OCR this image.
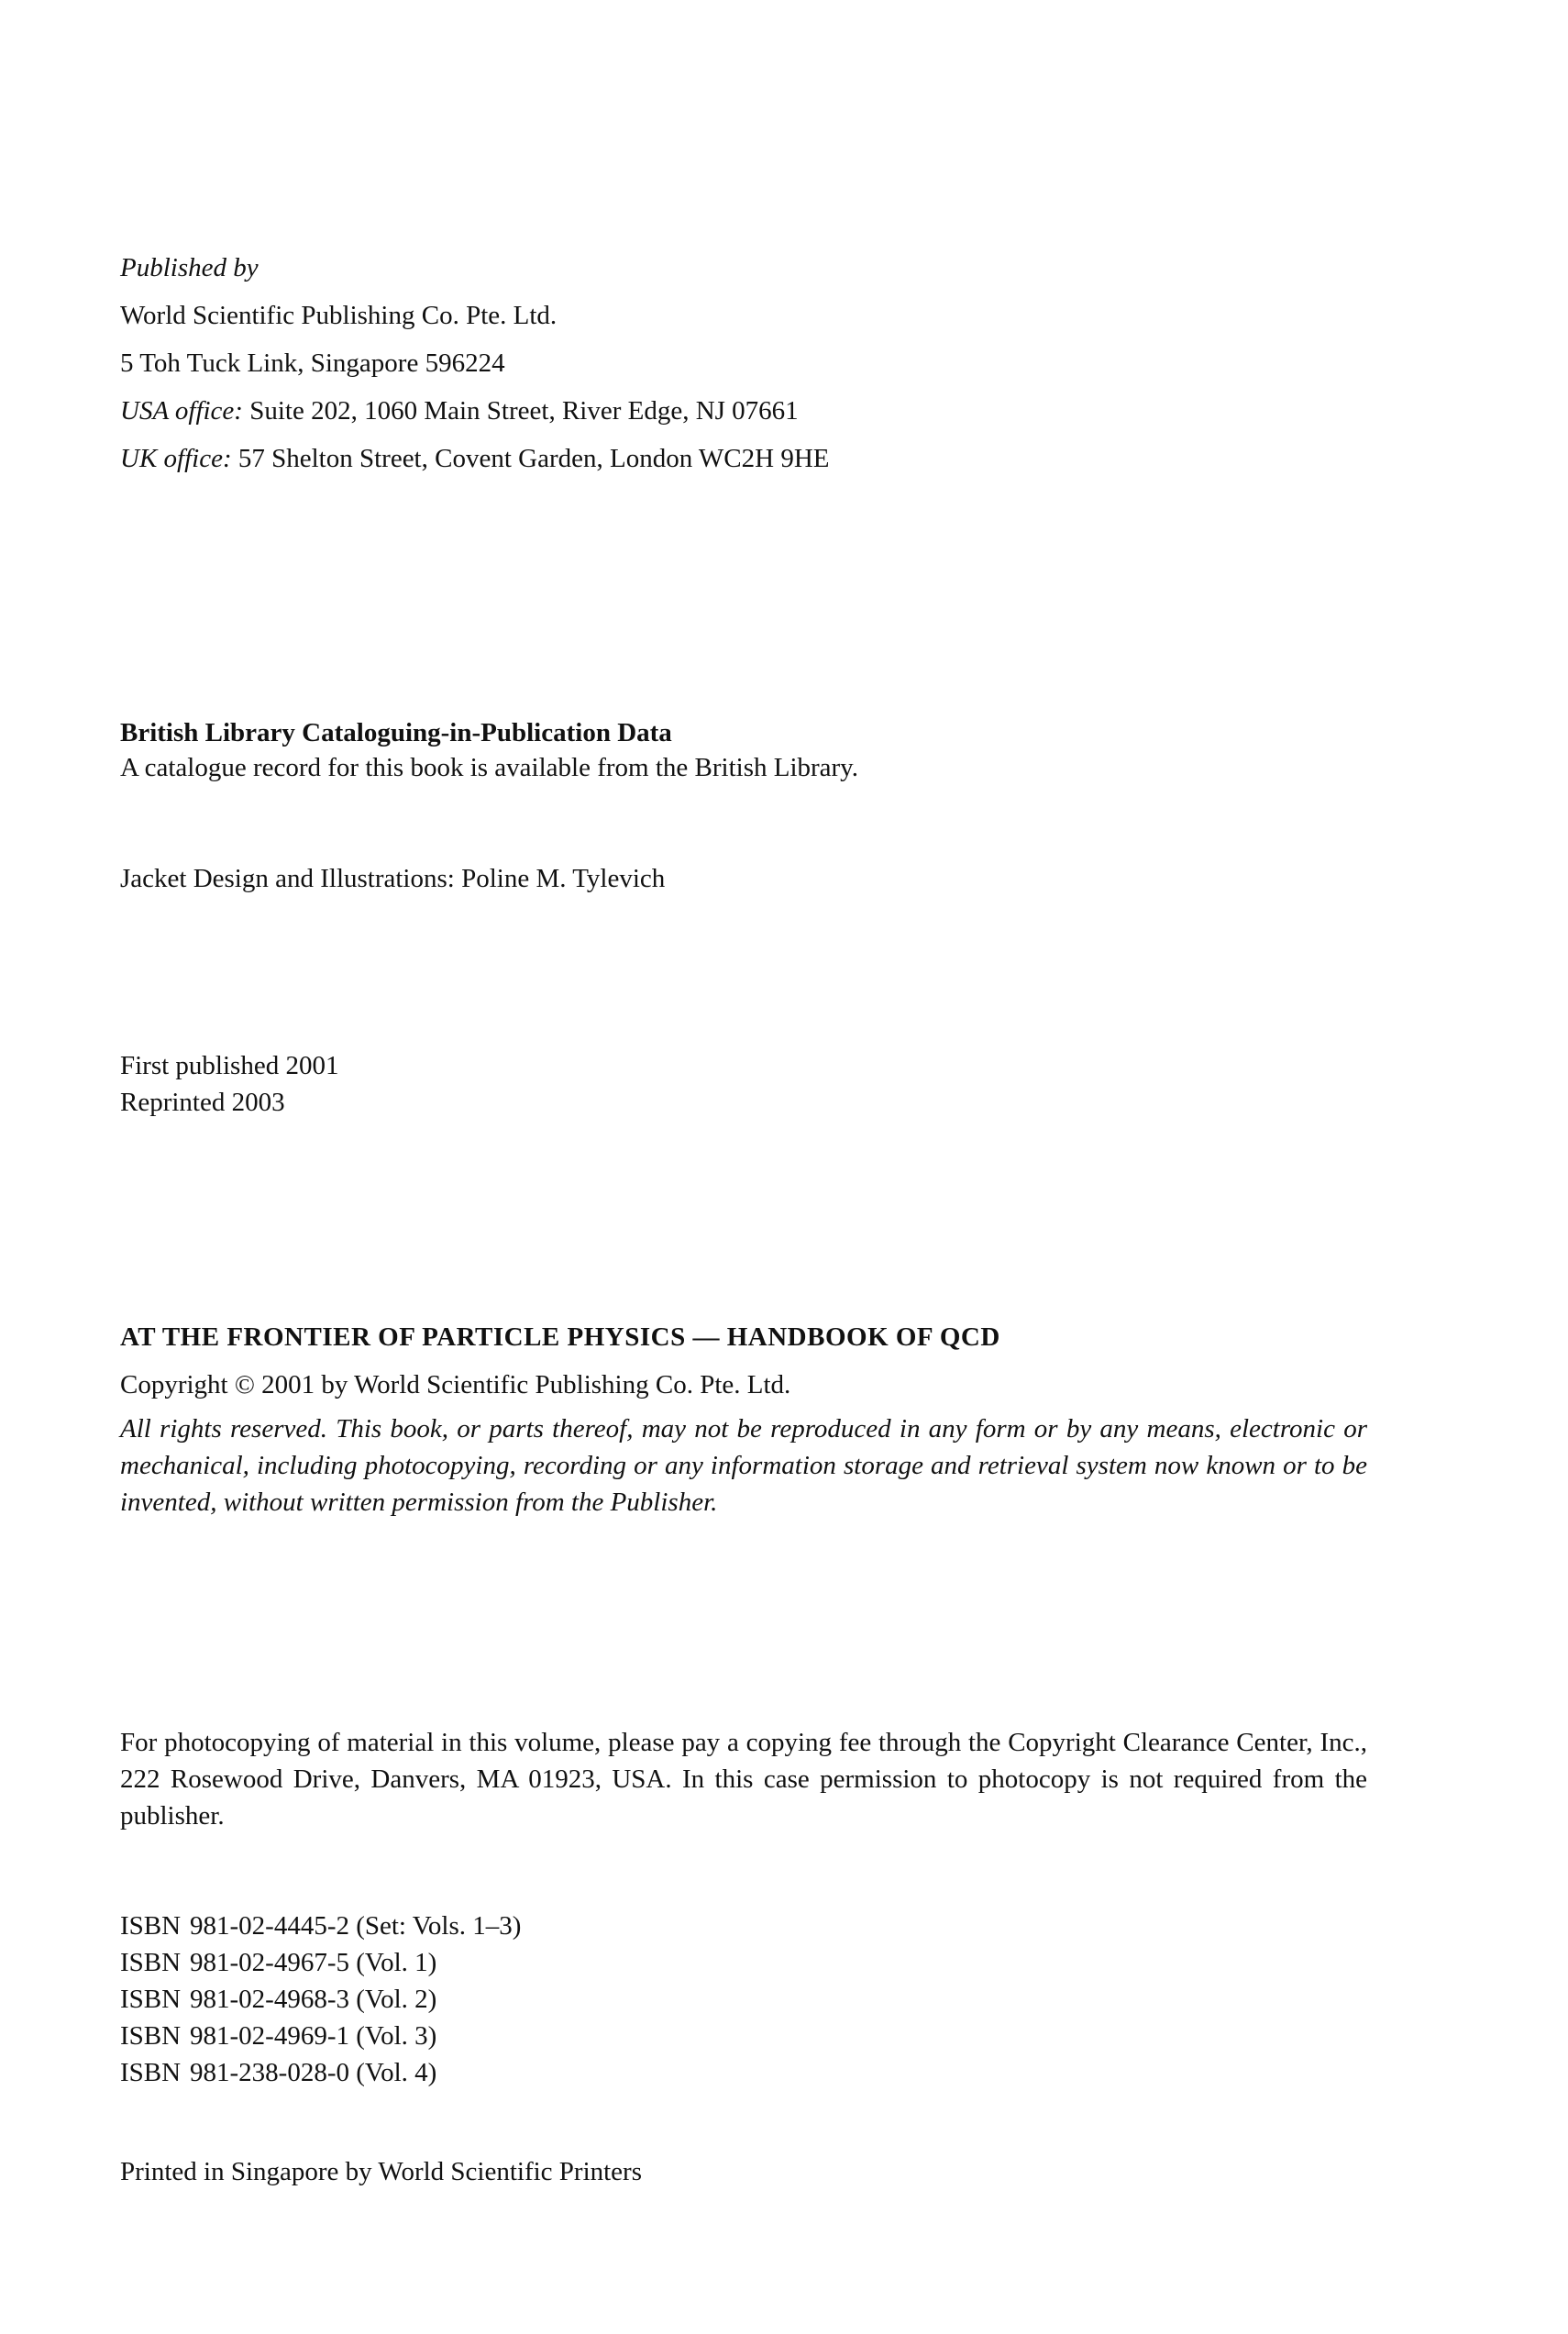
Published by
World Scientific Publishing Co. Pte. Ltd.
5 Toh Tuck Link, Singapore 596224
USA office: Suite 202, 1060 Main Street, River Edge, NJ 07661
UK office: 57 Shelton Street, Covent Garden, London WC2H 9HE
British Library Cataloguing-in-Publication Data
A catalogue record for this book is available from the British Library.
Jacket Design and Illustrations: Poline M. Tylevich
First published 2001
Reprinted 2003
AT THE FRONTIER OF PARTICLE PHYSICS — HANDBOOK OF QCD
Copyright © 2001 by World Scientific Publishing Co. Pte. Ltd.
All rights reserved. This book, or parts thereof, may not be reproduced in any form or by any means, electronic or mechanical, including photocopying, recording or any information storage and retrieval system now known or to be invented, without written permission from the Publisher.
For photocopying of material in this volume, please pay a copying fee through the Copyright Clearance Center, Inc., 222 Rosewood Drive, Danvers, MA 01923, USA. In this case permission to photocopy is not required from the publisher.
ISBN 981-02-4445-2 (Set: Vols. 1–3)
ISBN 981-02-4967-5 (Vol. 1)
ISBN 981-02-4968-3 (Vol. 2)
ISBN 981-02-4969-1 (Vol. 3)
ISBN 981-238-028-0 (Vol. 4)
Printed in Singapore by World Scientific Printers
